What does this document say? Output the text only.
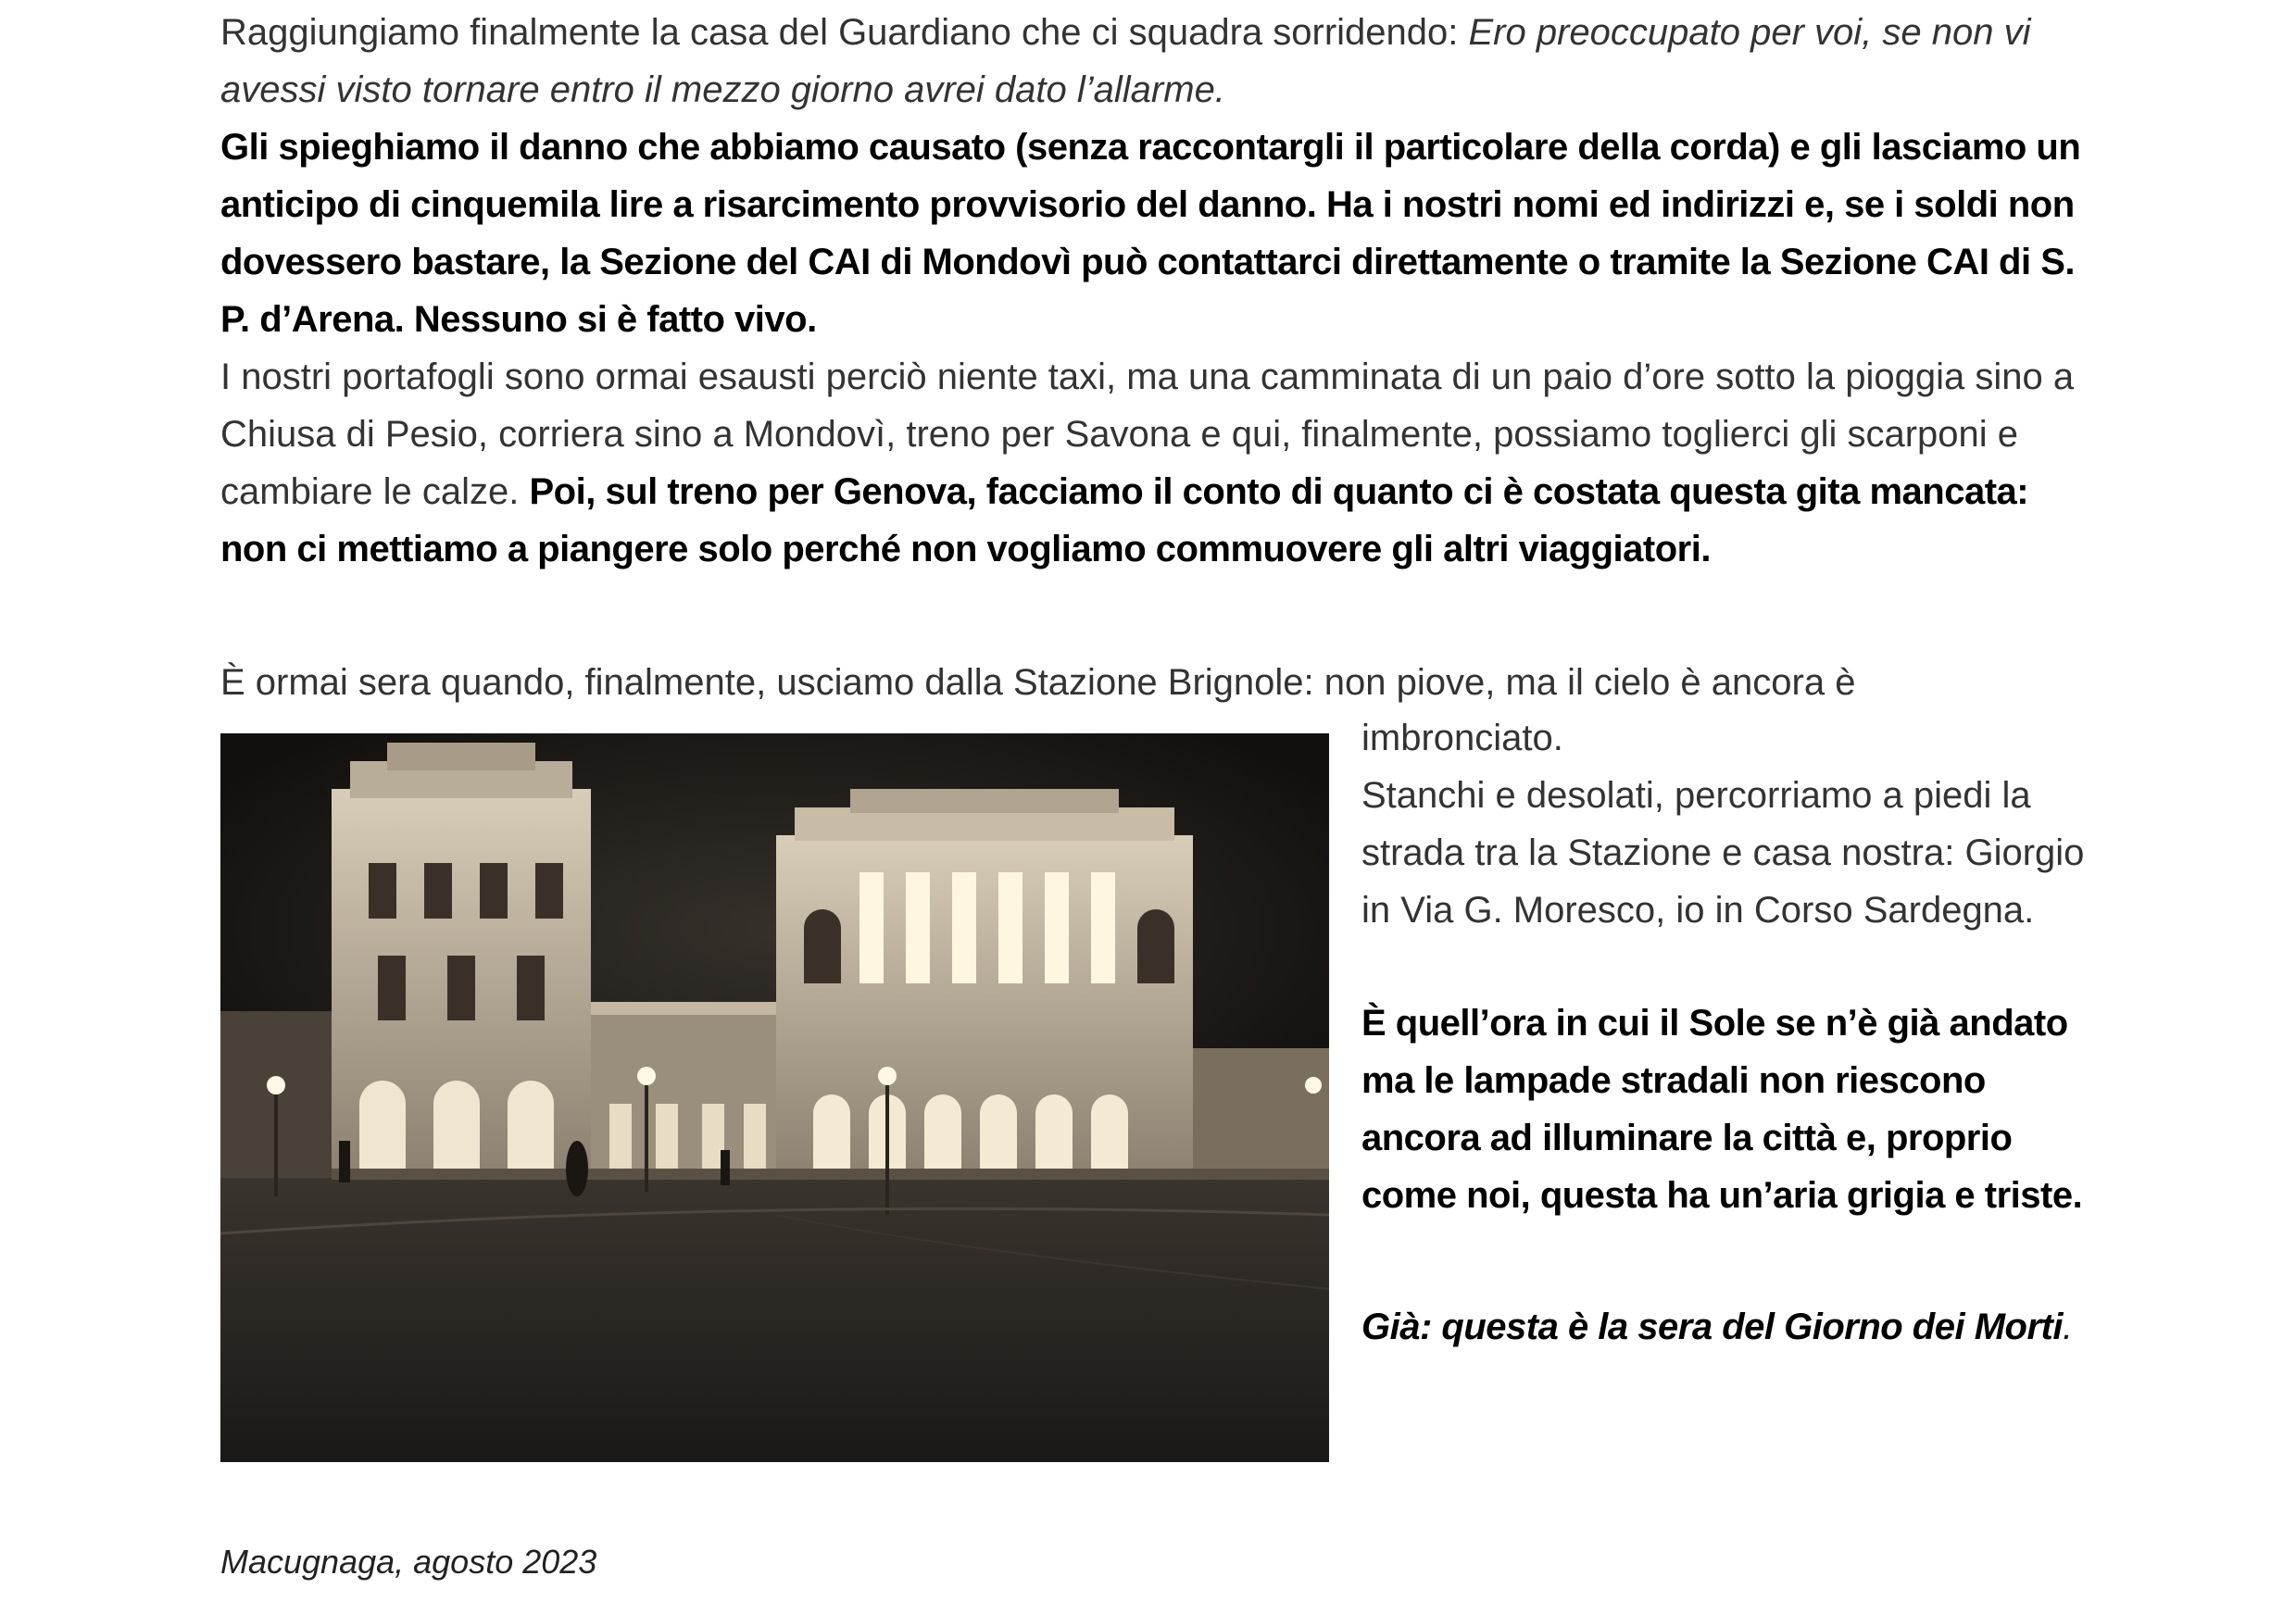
Raggiungiamo finalmente la casa del Guardiano che ci squadra sorridendo: Ero preoccupato per voi, se non vi avessi visto tornare entro il mezzo giorno avrei dato l’allarme.
Gli spieghiamo il danno che abbiamo causato (senza raccontargli il particolare della corda) e gli lasciamo un anticipo di cinquemila lire a risarcimento provvisorio del danno. Ha i nostri nomi ed indirizzi e, se i soldi non dovessero bastare, la Sezione del CAI di Mondovì può contattarci direttamente o tramite la Sezione CAI di S. P. d’Arena. Nessuno si è fatto vivo.
I nostri portafogli sono ormai esausti perciò niente taxi, ma una camminata di un paio d’ore sotto la pioggia sino a Chiusa di Pesio, corriera sino a Mondovì, treno per Savona e qui, finalmente, possiamo toglierci gli scarponi e cambiare le calze. Poi, sul treno per Genova, facciamo il conto di quanto ci è costata questa gita mancata: non ci mettiamo a piangere solo perché non vogliamo commuovere gli altri viaggiatori.
È ormai sera quando, finalmente, usciamo dalla Stazione Brignole: non piove, ma il cielo è ancora è
imbronciato.
Stanchi e desolati, percorriamo a piedi la strada tra la Stazione e casa nostra: Giorgio in Via G. Moresco, io in Corso Sardegna.
È quell’ora in cui il Sole se n’è già andato ma le lampade stradali non riescono ancora ad illuminare la città e, proprio come noi, questa ha un’aria grigia e triste.
Già: questa è la sera del Giorno dei Morti.
Macugnaga, agosto 2023
